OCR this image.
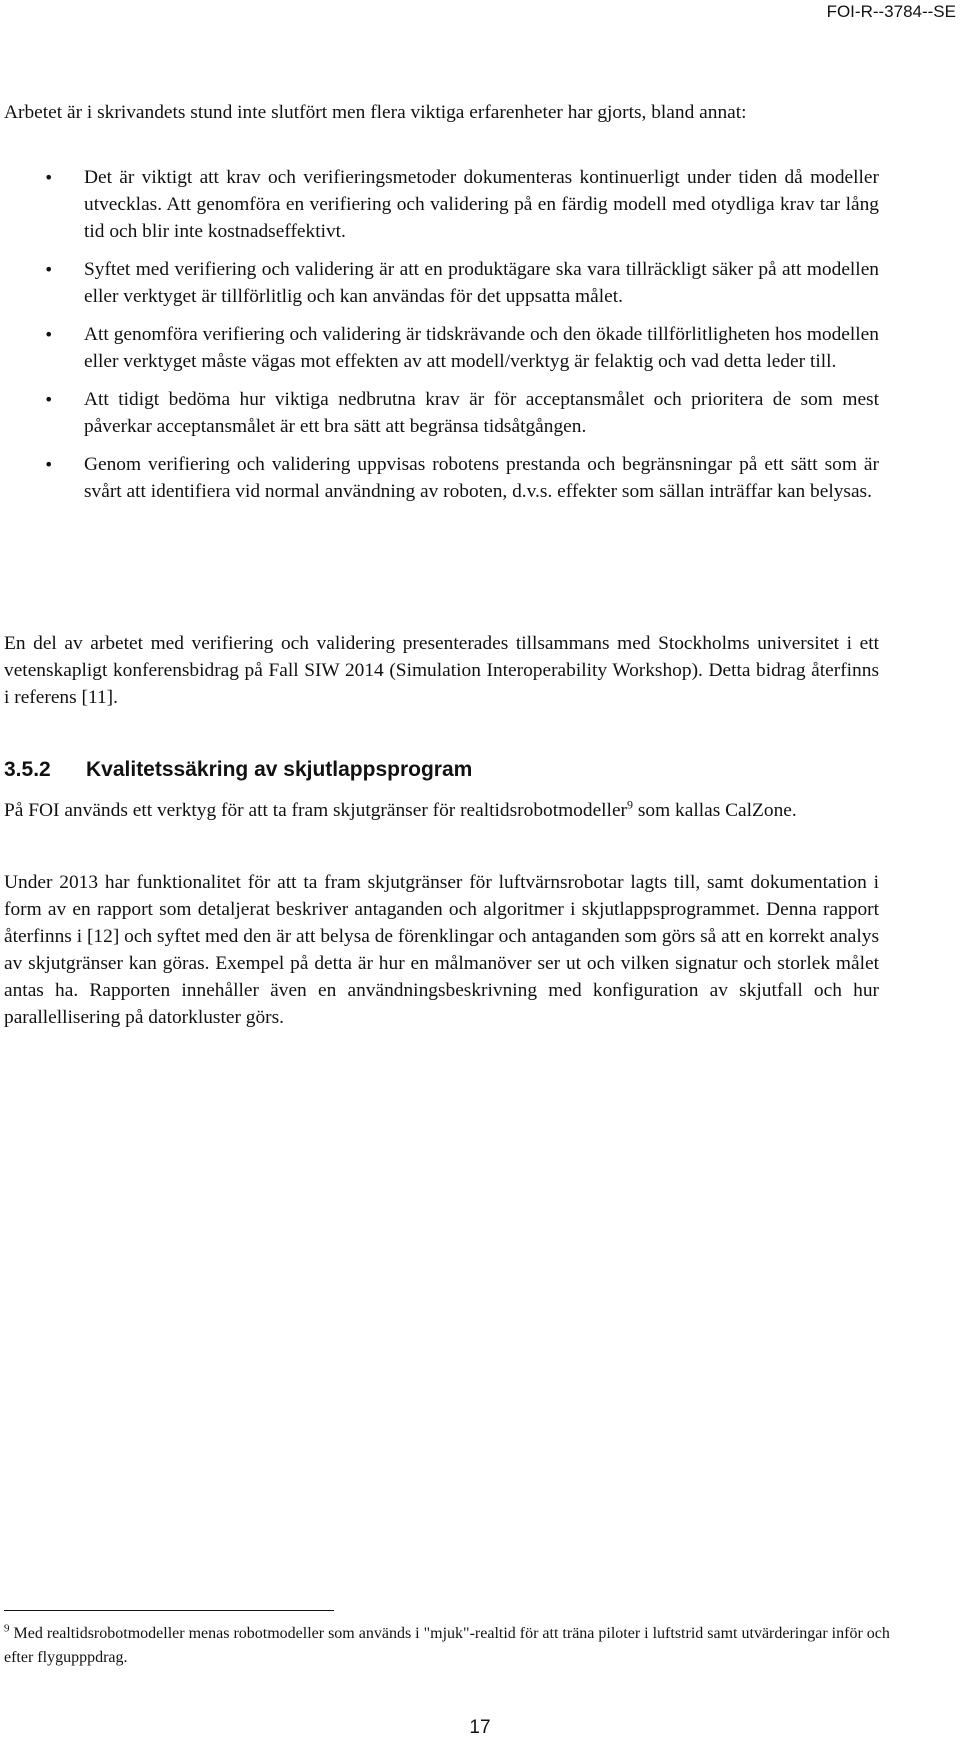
FOI-R--3784--SE

Arbetet är i skrivandets stund inte slutfört men flera viktiga erfarenheter har gjorts, bland annat:

• Det är viktigt att krav och verifieringsmetoder dokumenteras kontinuerligt under tiden då modeller utvecklas. Att genomföra en verifiering och validering på en färdig modell med otydliga krav tar lång tid och blir inte kostnadseffektivt.
• Syftet med verifiering och validering är att en produktägare ska vara tillräckligt säker på att modellen eller verktyget är tillförlitlig och kan användas för det uppsatta målet.
• Att genomföra verifiering och validering är tidskrävande och den ökade tillförlitligheten hos modellen eller verktyget måste vägas mot effekten av att modell/verktyg är felaktig och vad detta leder till.
• Att tidigt bedöma hur viktiga nedbrutna krav är för acceptansmålet och prioritera de som mest påverkar acceptansmålet är ett bra sätt att begränsa tidsåtgången.
• Genom verifiering och validering uppvisas robotens prestanda och begränsningar på ett sätt som är svårt att identifiera vid normal användning av roboten, d.v.s. effekter som sällan inträffar kan belysas.

En del av arbetet med verifiering och validering presenterades tillsammans med Stockholms universitet i ett vetenskapligt konferensbidrag på Fall SIW 2014 (Simulation Interoperability Workshop). Detta bidrag återfinns i referens [11].

3.5.2 Kvalitetssäkring av skjutlappsprogram

På FOI används ett verktyg för att ta fram skjutgränser för realtidsrobotmodeller$^9$ som kallas CalZone.

Under 2013 har funktionalitet för att ta fram skjutgränser för luftvärnsrobotar lagts till, samt dokumentation i form av en rapport som detaljerat beskriver antaganden och algoritmer i skjutlappsprogrammet. Denna rapport återfinns i [12] och syftet med den är att belysa de förenklingar och antaganden som görs så att en korrekt analys av skjutgränser kan göras. Exempel på detta är hur en målmanöver ser ut och vilken signatur och storlek målet antas ha. Rapporten innehåller även en användningsbeskrivning med konfiguration av skjutfall och hur parallellisering på datorkluster görs.

$^9$ Med realtidsrobotmodeller menas robotmodeller som används i "mjuk"-realtid för att träna piloter i luftstrid samt utvärderingar inför och efter flygupppdrag.

17
